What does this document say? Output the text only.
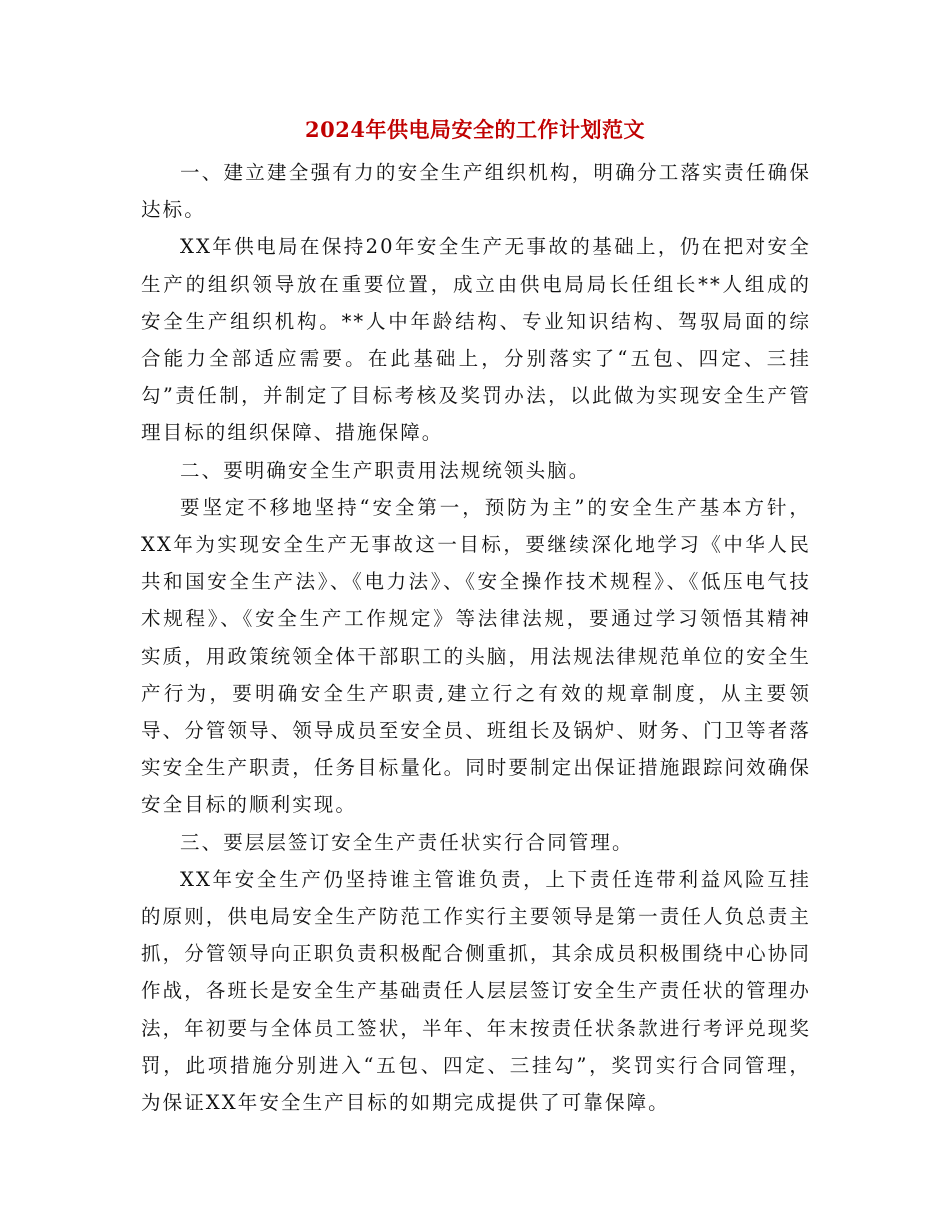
2024年供电局安全的工作计划范文

一、建立建全强有力的安全生产组织机构，明确分工落实责任确保达标。

XX年供电局在保持20年安全生产无事故的基础上，仍在把对安全生产的组织领导放在重要位置，成立由供电局局长任组长**人组成的安全生产组织机构。**人中年龄结构、专业知识结构、驾驭局面的综合能力全部适应需要。在此基础上，分别落实了“五包、四定、三挂勾”责任制，并制定了目标考核及奖罚办法，以此做为实现安全生产管理目标的组织保障、措施保障。

二、要明确安全生产职责用法规统领头脑。

要坚定不移地坚持“安全第一，预防为主”的安全生产基本方针，XX年为实现安全生产无事故这一目标，要继续深化地学习《中华人民共和国安全生产法》、《电力法》、《安全操作技术规程》、《低压电气技术规程》、《安全生产工作规定》等法律法规，要通过学习领悟其精神实质，用政策统领全体干部职工的头脑，用法规法律规范单位的安全生产行为，要明确安全生产职责,建立行之有效的规章制度，从主要领导、分管领导、领导成员至安全员、班组长及锅炉、财务、门卫等者落实安全生产职责，任务目标量化。同时要制定出保证措施跟踪问效确保安全目标的顺利实现。

三、要层层签订安全生产责任状实行合同管理。

XX年安全生产仍坚持谁主管谁负责，上下责任连带利益风险互挂的原则，供电局安全生产防范工作实行主要领导是第一责任人负总责主抓，分管领导向正职负责积极配合侧重抓，其余成员积极围绕中心协同作战，各班长是安全生产基础责任人层层签订安全生产责任状的管理办法，年初要与全体员工签状，半年、年末按责任状条款进行考评兑现奖罚，此项措施分别进入“五包、四定、三挂勾”，奖罚实行合同管理，为保证XX年安全生产目标的如期完成提供了可靠保障。
